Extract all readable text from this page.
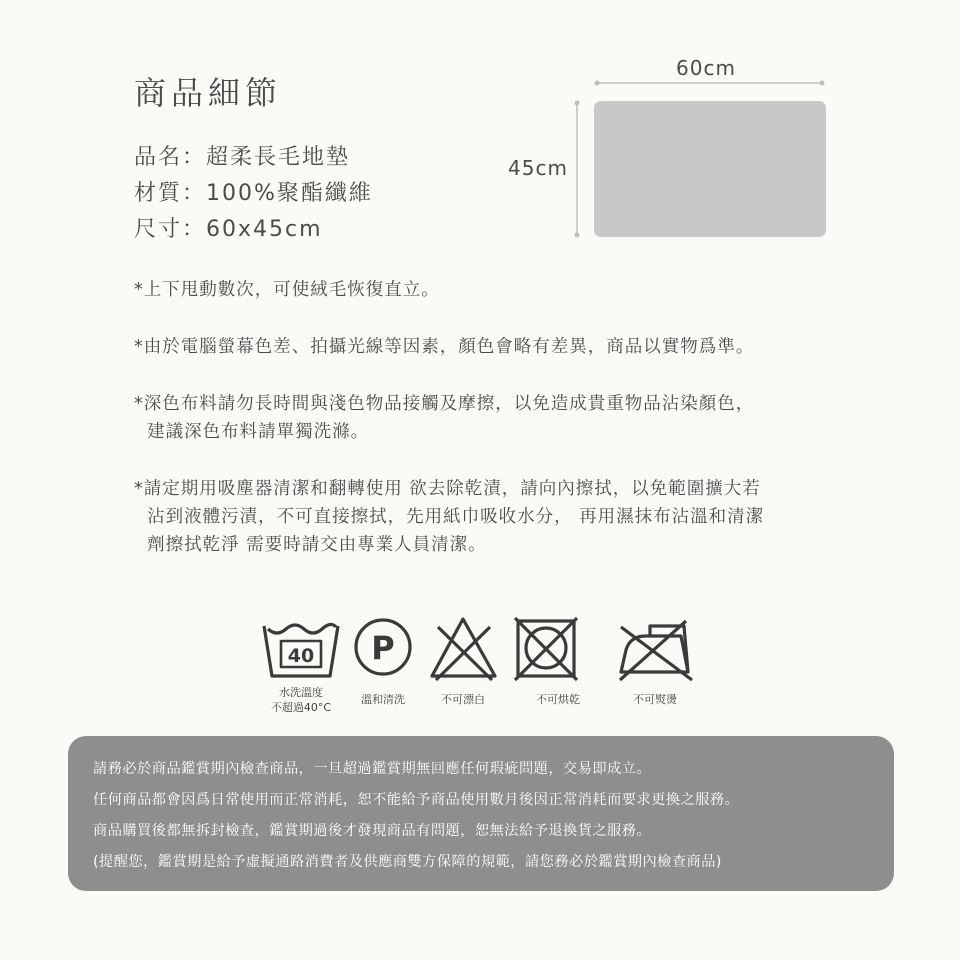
商品細節
品名：超柔長毛地墊
材質：100%聚酯纖維
尺寸：60x45cm
60cm
45cm
*上下甩動數次，可使絨毛恢復直立。
*由於電腦螢幕色差、拍攝光線等因素，顏色會略有差異，商品以實物爲準。
*深色布料請勿長時間與淺色物品接觸及摩擦，以免造成貴重物品沾染顏色，
建議深色布料請單獨洗滌。
*請定期用吸塵器清潔和翻轉使用 欲去除乾漬，請向內擦拭，以免範圍擴大若
沾到液體污漬，不可直接擦拭，先用紙巾吸收水分， 再用濕抹布沾溫和清潔
劑擦拭乾淨 需要時請交由專業人員清潔。
40 P
水洗溫度
不超過40°C
溫和清洗	不可漂白	不可烘乾	不可熨燙
請務必於商品鑑賞期內檢查商品，一旦超過鑑賞期無回應任何瑕疵問題，交易即成立。
任何商品都會因爲日常使用而正常消耗，恕不能給予商品使用數月後因正常消耗而要求更換之服務。
商品購買後都無拆封檢查，鑑賞期過後才發現商品有問題，恕無法給予退換貨之服務。
(提醒您，鑑賞期是給予虛擬通路消費者及供應商雙方保障的規範，請您務必於鑑賞期內檢查商品)
